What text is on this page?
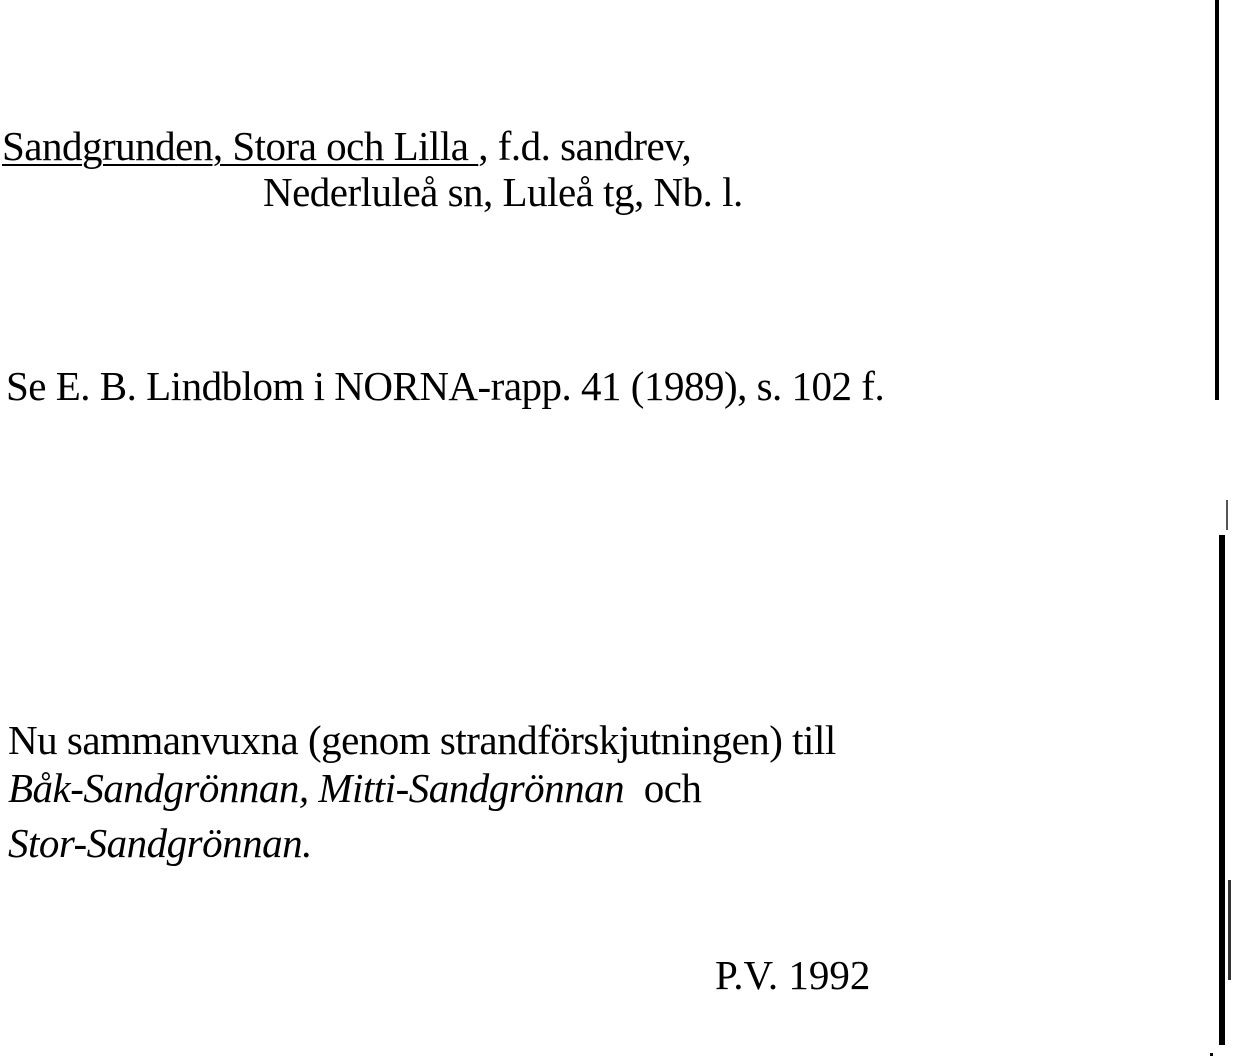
Sandgrunden, Stora och Lilla , f.d. sandrev,
Nederluleå sn, Luleå tg, Nb. l.
Se E. B. Lindblom i NORNA-rapp. 41 (1989), s. 102 f.
Nu sammanvuxna (genom strandförskjutningen) till
Båk-Sandgrönnan, Mitti-Sandgrönnan  och
Stor-Sandgrönnan.
P.V. 1992
